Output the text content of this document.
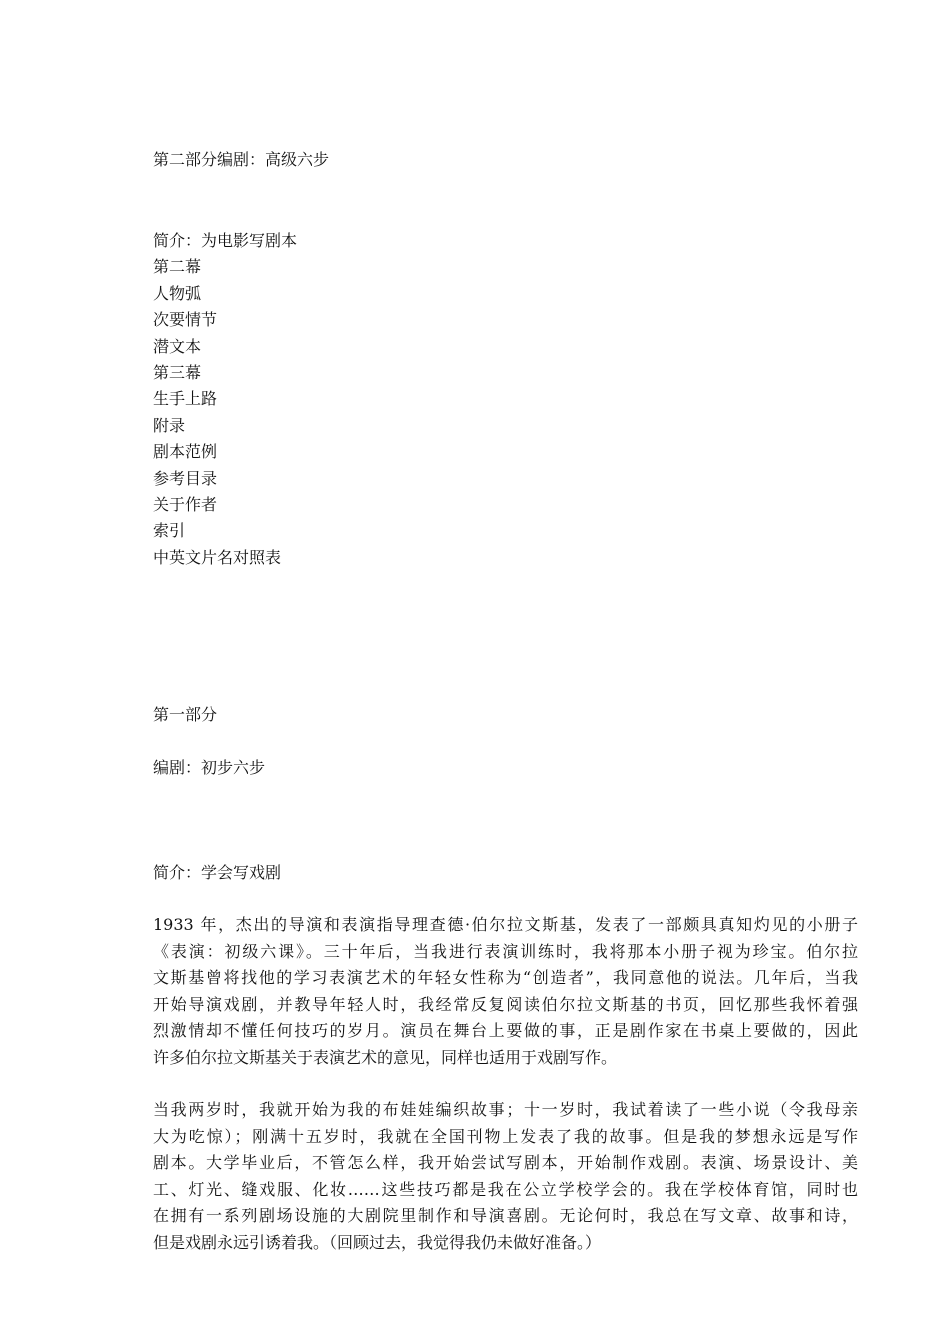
第二部分编剧：高级六步
简介：为电影写剧本
第二幕
人物弧
次要情节
潜文本
第三幕
生手上路
附录
剧本范例
参考目录
关于作者
索引
中英文片名对照表
第一部分
编剧：初步六步
简介：学会写戏剧

1933 年，杰出的导演和表演指导理查德·伯尔拉文斯基，发表了一部颇具真知灼见的小册子
《表演：初级六课》。三十年后，当我进行表演训练时，我将那本小册子视为珍宝。伯尔拉
文斯基曾将找他的学习表演艺术的年轻女性称为“创造者”，我同意他的说法。几年后，当我
开始导演戏剧，并教导年轻人时，我经常反复阅读伯尔拉文斯基的书页，回忆那些我怀着强
烈激情却不懂任何技巧的岁月。演员在舞台上要做的事，正是剧作家在书桌上要做的，因此
许多伯尔拉文斯基关于表演艺术的意见，同样也适用于戏剧写作。

当我两岁时，我就开始为我的布娃娃编织故事；十一岁时，我试着读了一些小说（令我母亲
大为吃惊）；刚满十五岁时，我就在全国刊物上发表了我的故事。但是我的梦想永远是写作
剧本。大学毕业后，不管怎么样，我开始尝试写剧本，开始制作戏剧。表演、场景设计、美
工、灯光、缝戏服、化妆……这些技巧都是我在公立学校学会的。我在学校体育馆，同时也
在拥有一系列剧场设施的大剧院里制作和导演喜剧。无论何时，我总在写文章、故事和诗，
但是戏剧永远引诱着我。（回顾过去，我觉得我仍未做好准备。）
